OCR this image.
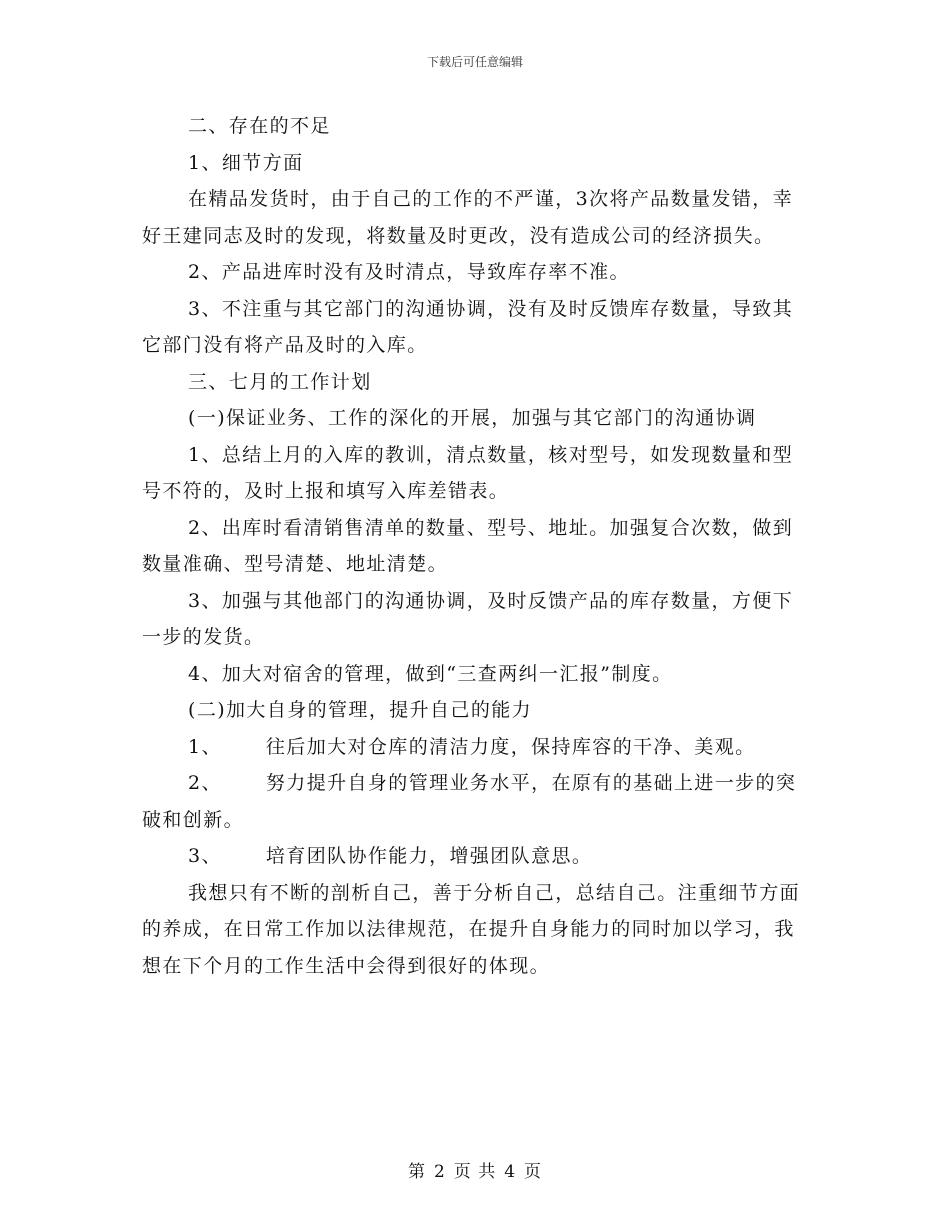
下载后可任意编辑

二、存在的不足

1、细节方面

在精品发货时，由于自己的工作的不严谨，3次将产品数量发错，幸好王建同志及时的发现，将数量及时更改，没有造成公司的经济损失。

2、产品进库时没有及时清点，导致库存率不准。

3、不注重与其它部门的沟通协调，没有及时反馈库存数量，导致其它部门没有将产品及时的入库。

三、七月的工作计划

(一)保证业务、工作的深化的开展，加强与其它部门的沟通协调

1、总结上月的入库的教训，清点数量，核对型号，如发现数量和型号不符的，及时上报和填写入库差错表。

2、出库时看清销售清单的数量、型号、地址。加强复合次数，做到数量准确、型号清楚、地址清楚。

3、加强与其他部门的沟通协调，及时反馈产品的库存数量，方便下一步的发货。

4、加大对宿舍的管理，做到“三查两纠一汇报”制度。

(二)加大自身的管理，提升自己的能力

1、 往后加大对仓库的清洁力度，保持库容的干净、美观。

2、 努力提升自身的管理业务水平，在原有的基础上进一步的突破和创新。

3、 培育团队协作能力，增强团队意思。

我想只有不断的剖析自己，善于分析自己，总结自己。注重细节方面的养成，在日常工作加以法律规范，在提升自身能力的同时加以学习，我想在下个月的工作生活中会得到很好的体现。

第 2 页 共 4 页
